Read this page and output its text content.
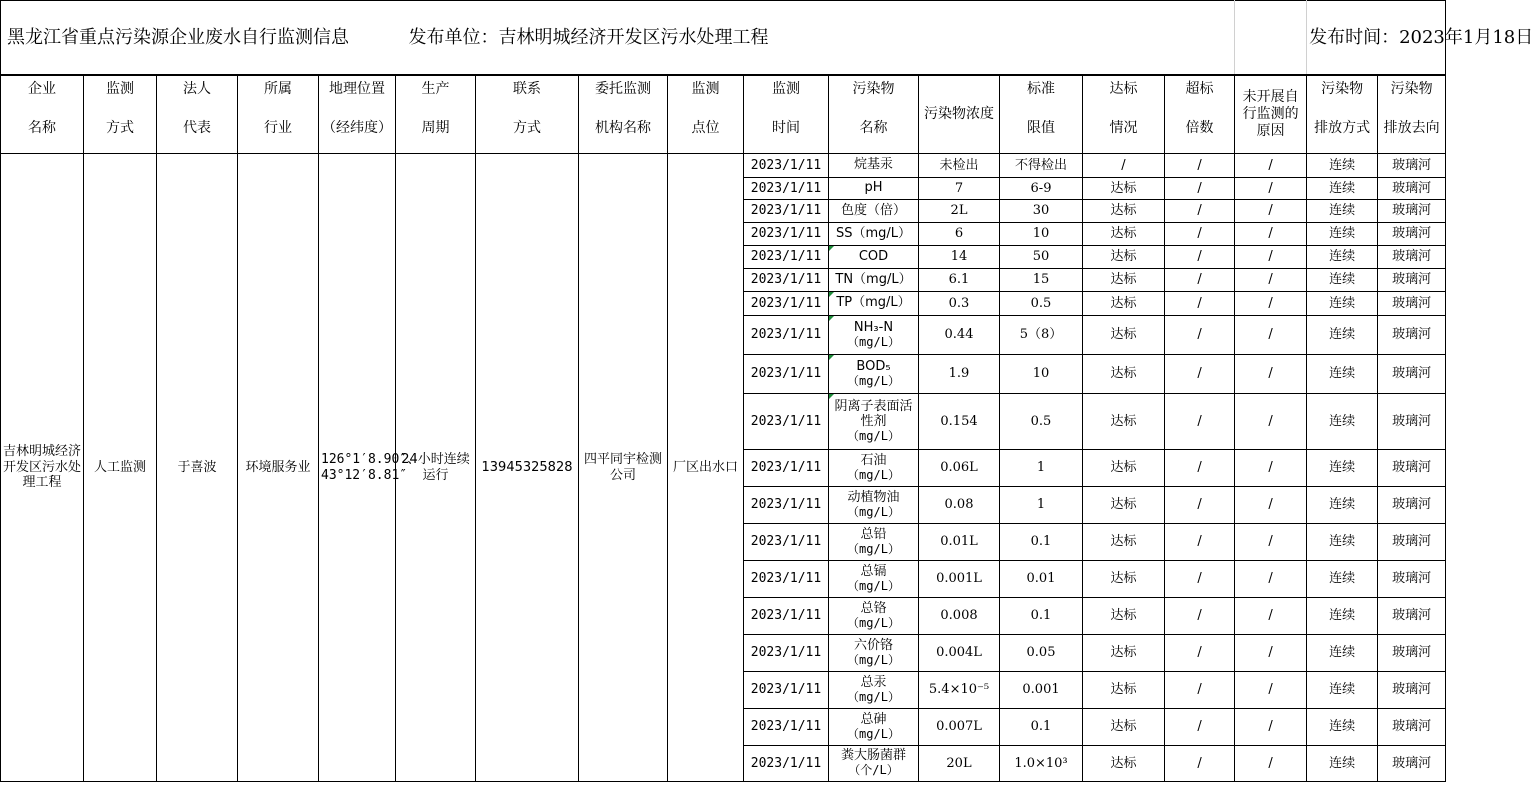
黑龙江省重点污染源企业废水自行监测信息 发布单位：吉林明城经济开发区污水处理工程																发布时间：2023年1月18日	
企业	监测	法人	所属	地理位置	生产	联系	委托监测	监测	监测	污染物	污染物浓度	标准	达标	超标	未开展自行监测的原因	污染物	污染物
名称	方式	代表	行业	（经纬度）	周期	方式	机构名称	点位	时间	名称		限值	情况	倍数		排放方式	排放去向
吉林明城经济开发区污水处理工程	人工监测	于喜波	环境服务业	126°1′8.90″、43°12′8.81″	24小时连续运行	13945325828	四平同宇检测公司	厂区出水口	2023/1/11	烷基汞	未检出	不得检出	/	/	/	连续	玻璃河
									2023/1/11	pH	7	6-9	达标	/	/	连续	玻璃河
									2023/1/11	色度（倍）	2L	30	达标	/	/	连续	玻璃河
									2023/1/11	SS（mg/L）	6	10	达标	/	/	连续	玻璃河
									2023/1/11	COD	14	50	达标	/	/	连续	玻璃河
									2023/1/11	TN（mg/L）	6.1	15	达标	/	/	连续	玻璃河
									2023/1/11	TP（mg/L）	0.3	0.5	达标	/	/	连续	玻璃河
									2023/1/11	NH₃-N
（mg/L）	0.44	5（8）	达标	/	/	连续	玻璃河
									2023/1/11	BOD₅
（mg/L）	1.9	10	达标	/	/	连续	玻璃河
									2023/1/11	阴离子表面活性剂
（mg/L）	0.154	0.5	达标	/	/	连续	玻璃河
									2023/1/11	石油
（mg/L）	0.06L	1	达标	/	/	连续	玻璃河
									2023/1/11	动植物油
（mg/L）	0.08	1	达标	/	/	连续	玻璃河
									2023/1/11	总铅
（mg/L）	0.01L	0.1	达标	/	/	连续	玻璃河
									2023/1/11	总镉
（mg/L）	0.001L	0.01	达标	/	/	连续	玻璃河
									2023/1/11	总铬
（mg/L）	0.008	0.1	达标	/	/	连续	玻璃河
									2023/1/11	六价铬
（mg/L）	0.004L	0.05	达标	/	/	连续	玻璃河
									2023/1/11	总汞
（mg/L）	5.4×10⁻⁵	0.001	达标	/	/	连续	玻璃河
									2023/1/11	总砷
（mg/L）	0.007L	0.1	达标	/	/	连续	玻璃河
									2023/1/11	粪大肠菌群
（个/L）	20L	1.0×10³	达标	/	/	连续	玻璃河
